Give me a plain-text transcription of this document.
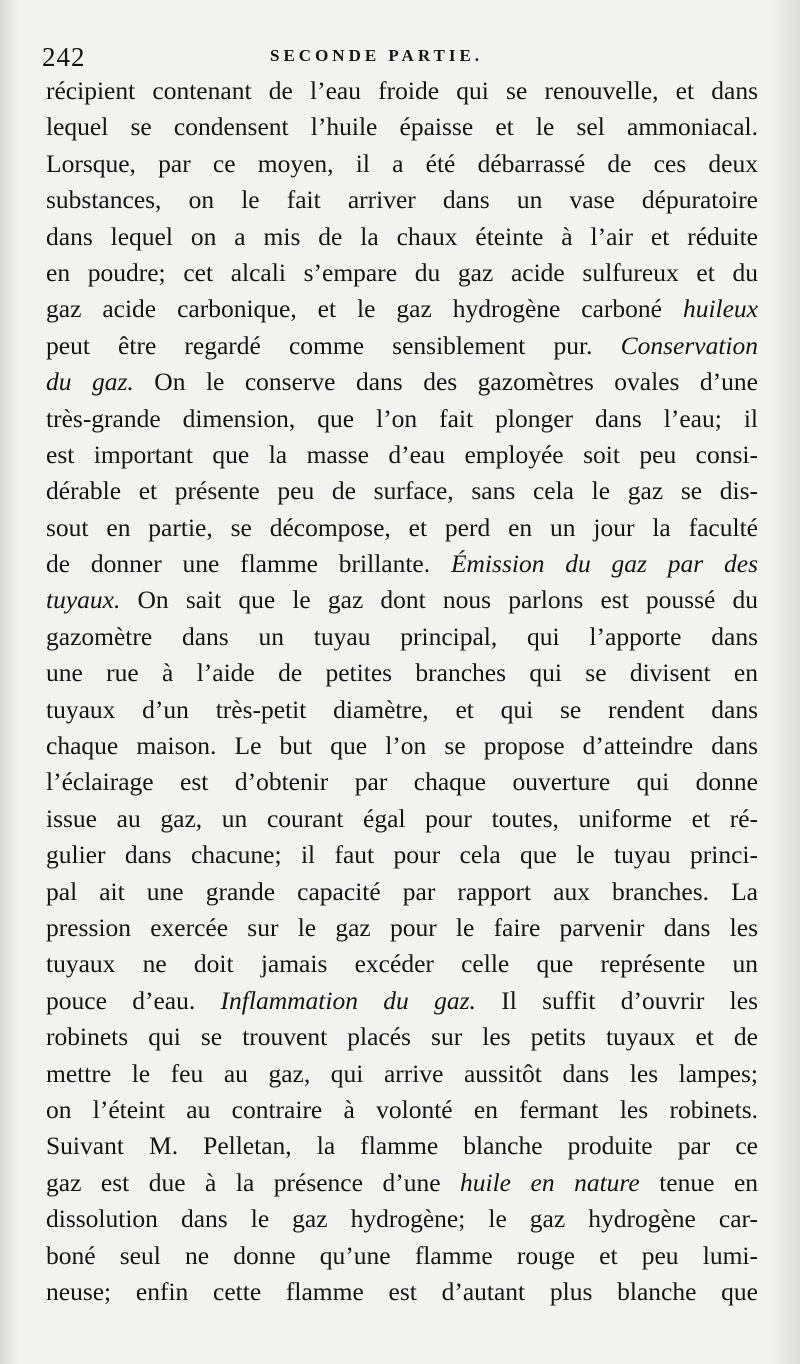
242	SECONDE PARTIE.
récipient contenant de l’eau froide qui se renouvelle, et dans
lequel se condensent l’huile épaisse et le sel ammoniacal.
Lorsque, par ce moyen, il a été débarrassé de ces deux
substances, on le fait arriver dans un vase dépuratoire
dans lequel on a mis de la chaux éteinte à l’air et réduite
en poudre; cet alcali s’empare du gaz acide sulfureux et du
gaz acide carbonique, et le gaz hydrogène carboné huileux
peut être regardé comme sensiblement pur. Conservation
du gaz. On le conserve dans des gazomètres ovales d’une
très-grande dimension, que l’on fait plonger dans l’eau; il
est important que la masse d’eau employée soit peu consi-
dérable et présente peu de surface, sans cela le gaz se dis-
sout en partie, se décompose, et perd en un jour la faculté
de donner une flamme brillante. Émission du gaz par des
tuyaux. On sait que le gaz dont nous parlons est poussé du
gazomètre dans un tuyau principal, qui l’apporte dans
une rue à l’aide de petites branches qui se divisent en
tuyaux d’un très-petit diamètre, et qui se rendent dans
chaque maison. Le but que l’on se propose d’atteindre dans
l’éclairage est d’obtenir par chaque ouverture qui donne
issue au gaz, un courant égal pour toutes, uniforme et ré-
gulier dans chacune; il faut pour cela que le tuyau princi-
pal ait une grande capacité par rapport aux branches. La
pression exercée sur le gaz pour le faire parvenir dans les
tuyaux ne doit jamais excéder celle que représente un
pouce d’eau. Inflammation du gaz. Il suffit d’ouvrir les
robinets qui se trouvent placés sur les petits tuyaux et de
mettre le feu au gaz, qui arrive aussitôt dans les lampes;
on l’éteint au contraire à volonté en fermant les robinets.
Suivant M. Pelletan, la flamme blanche produite par ce
gaz est due à la présence d’une huile en nature tenue en
dissolution dans le gaz hydrogène; le gaz hydrogène car-
boné seul ne donne qu’une flamme rouge et peu lumi-
neuse; enfin cette flamme est d’autant plus blanche que
